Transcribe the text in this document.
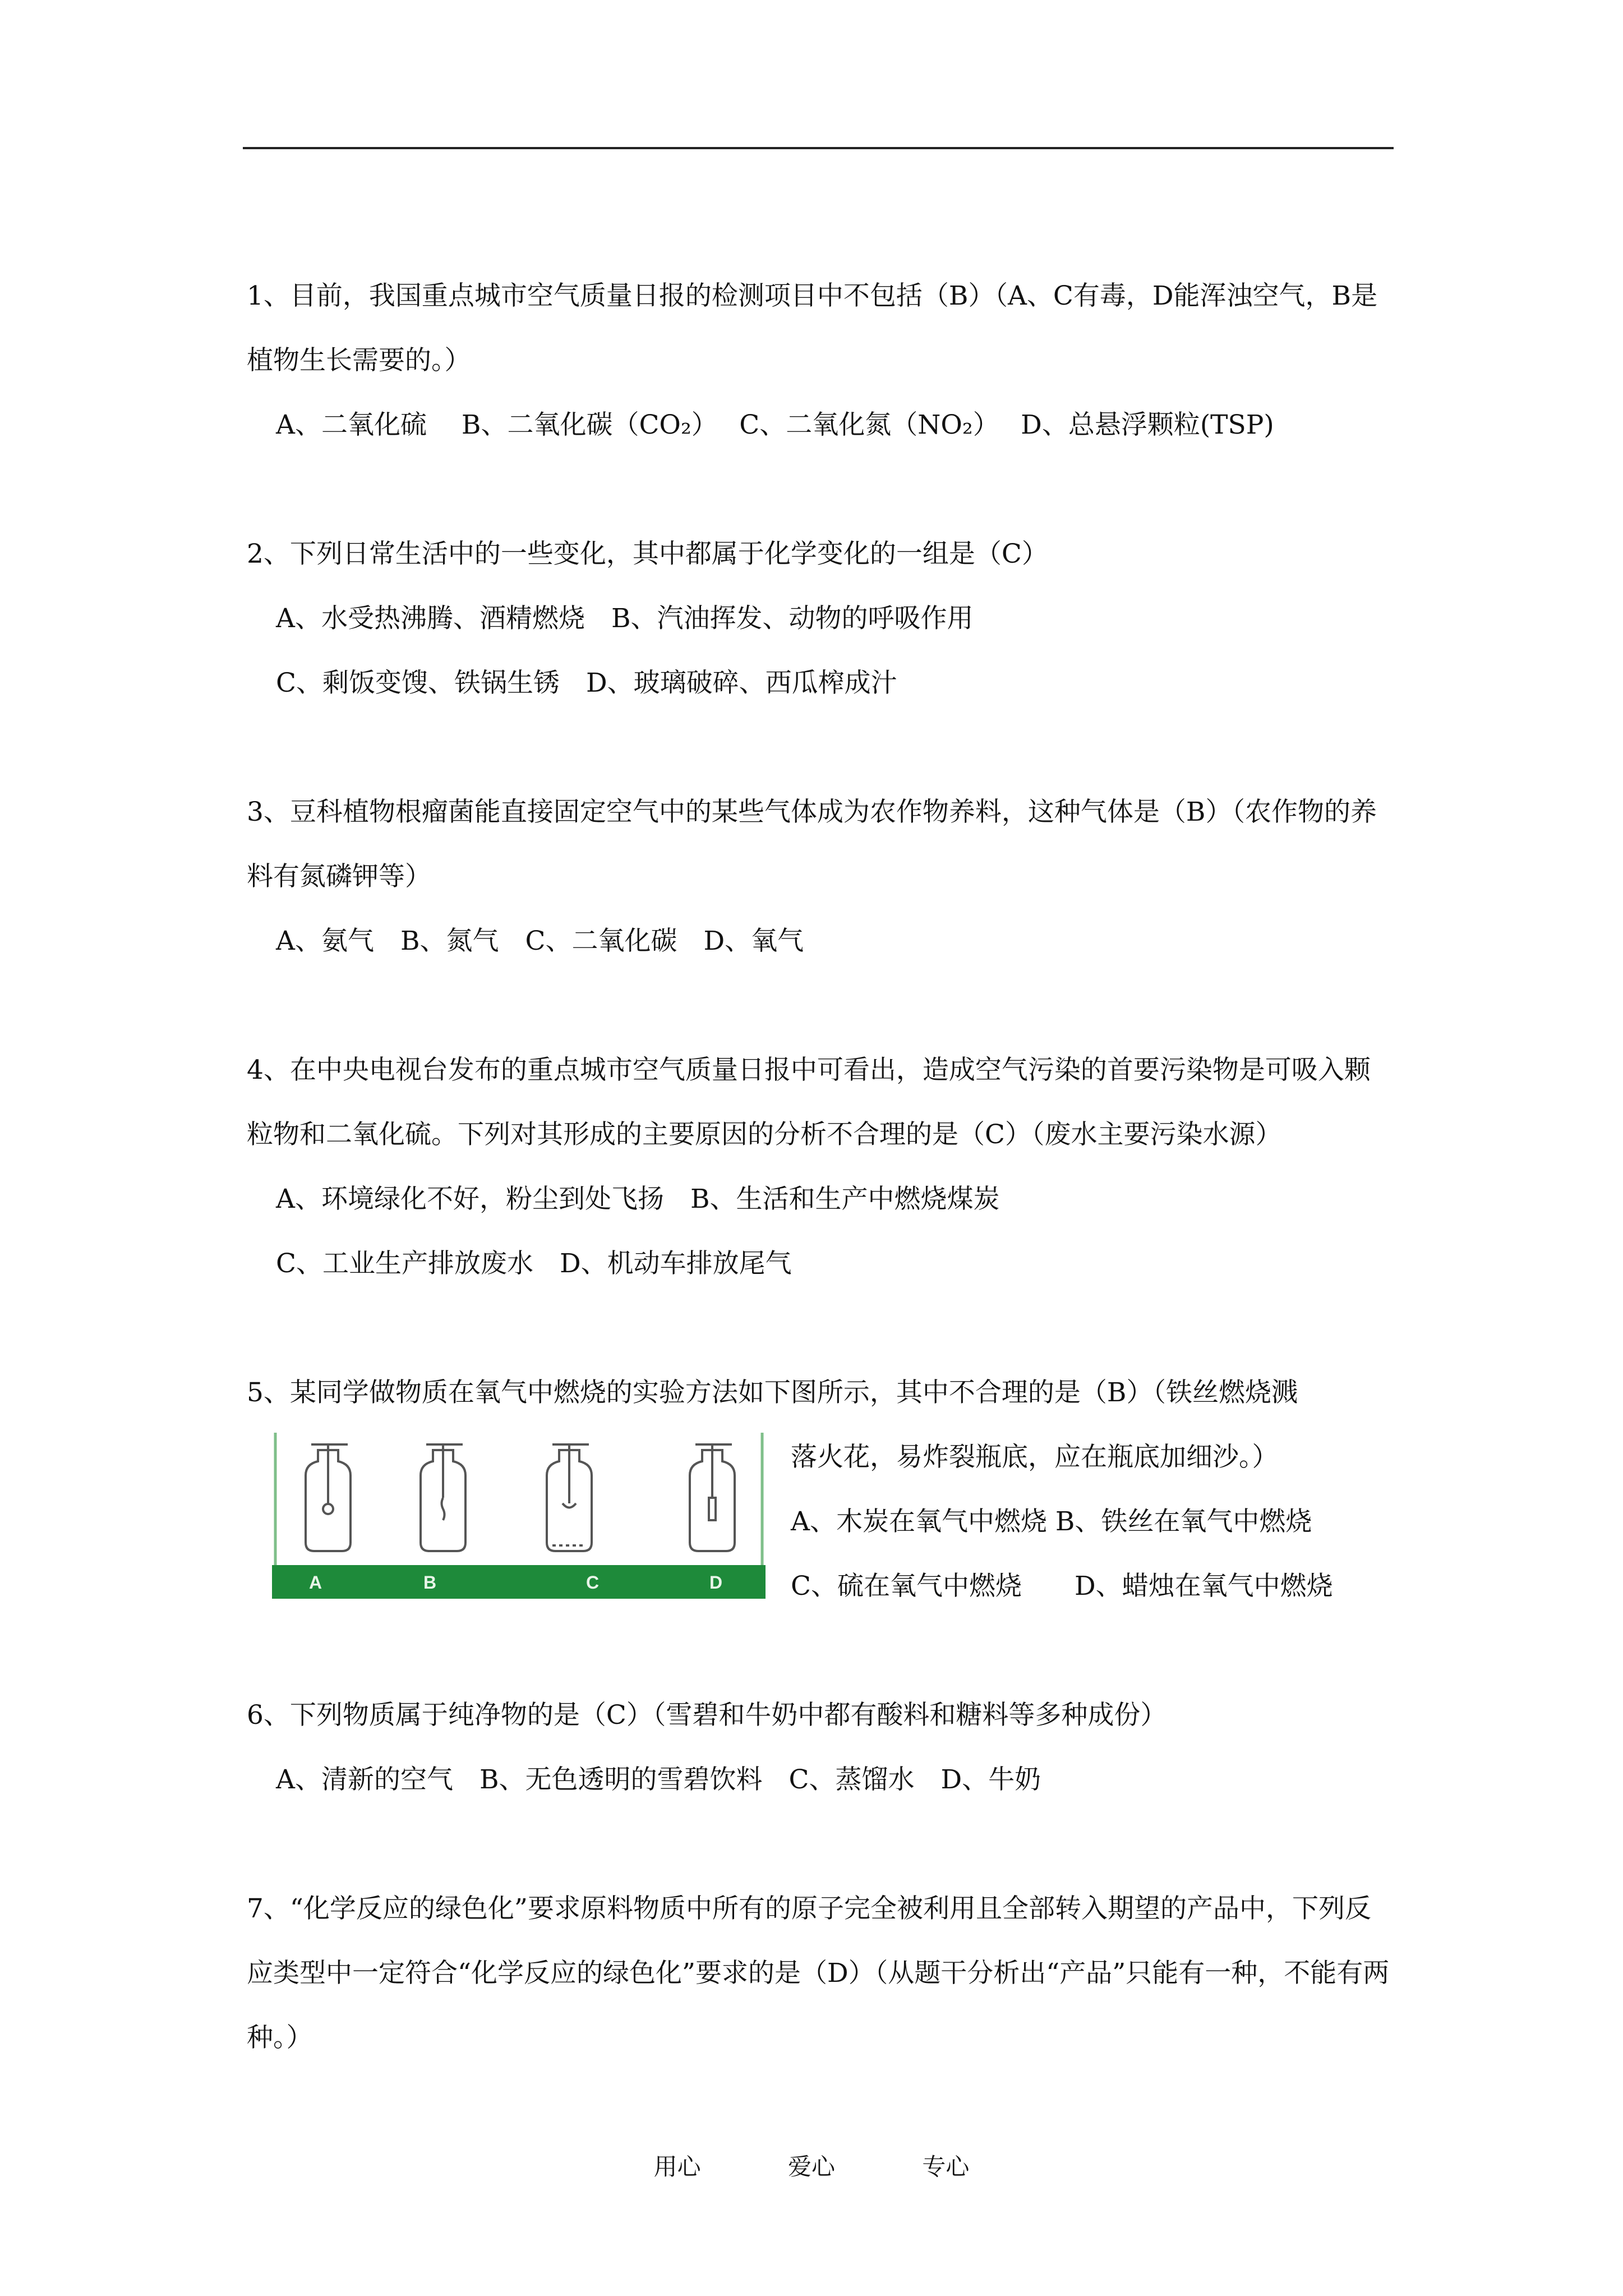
1、目前，我国重点城市空气质量日报的检测项目中不包括（B）（A、C有毒，D能浑浊空气，B是植物生长需要的。）

A、二氧化硫　 B、二氧化碳（CO₂）　 C、二氧化氮（NO₂）　 D、总悬浮颗粒(TSP)

2、下列日常生活中的一些变化，其中都属于化学变化的一组是（C）

A、水受热沸腾、酒精燃烧　B、汽油挥发、动物的呼吸作用

C、剩饭变馊、铁锅生锈　D、玻璃破碎、西瓜榨成汁

3、豆科植物根瘤菌能直接固定空气中的某些气体成为农作物养料，这种气体是（B）（农作物的养料有氮磷钾等）

A、氨气　B、氮气　C、二氧化碳　D、氧气

4、在中央电视台发布的重点城市空气质量日报中可看出，造成空气污染的首要污染物是可吸入颗粒物和二氧化硫。下列对其形成的主要原因的分析不合理的是（C）（废水主要污染水源）

A、环境绿化不好，粉尘到处飞扬　B、生活和生产中燃烧煤炭

C、工业生产排放废水　D、机动车排放尾气

5、某同学做物质在氧气中燃烧的实验方法如下图所示，其中不合理的是（B）（铁丝燃烧溅

A	B	C	D

落火花，易炸裂瓶底，应在瓶底加细沙。）

A、木炭在氧气中燃烧 B、铁丝在氧气中燃烧

C、硫在氧气中燃烧　　D、蜡烛在氧气中燃烧

6、下列物质属于纯净物的是（C）（雪碧和牛奶中都有酸料和糖料等多种成份）

A、清新的空气　B、无色透明的雪碧饮料　C、蒸馏水　D、牛奶

7、“化学反应的绿色化”要求原料物质中所有的原子完全被利用且全部转入期望的产品中，下列反应类型中一定符合“化学反应的绿色化”要求的是（D）（从题干分析出“产品”只能有一种，不能有两种。）

用心	爱心	专心
